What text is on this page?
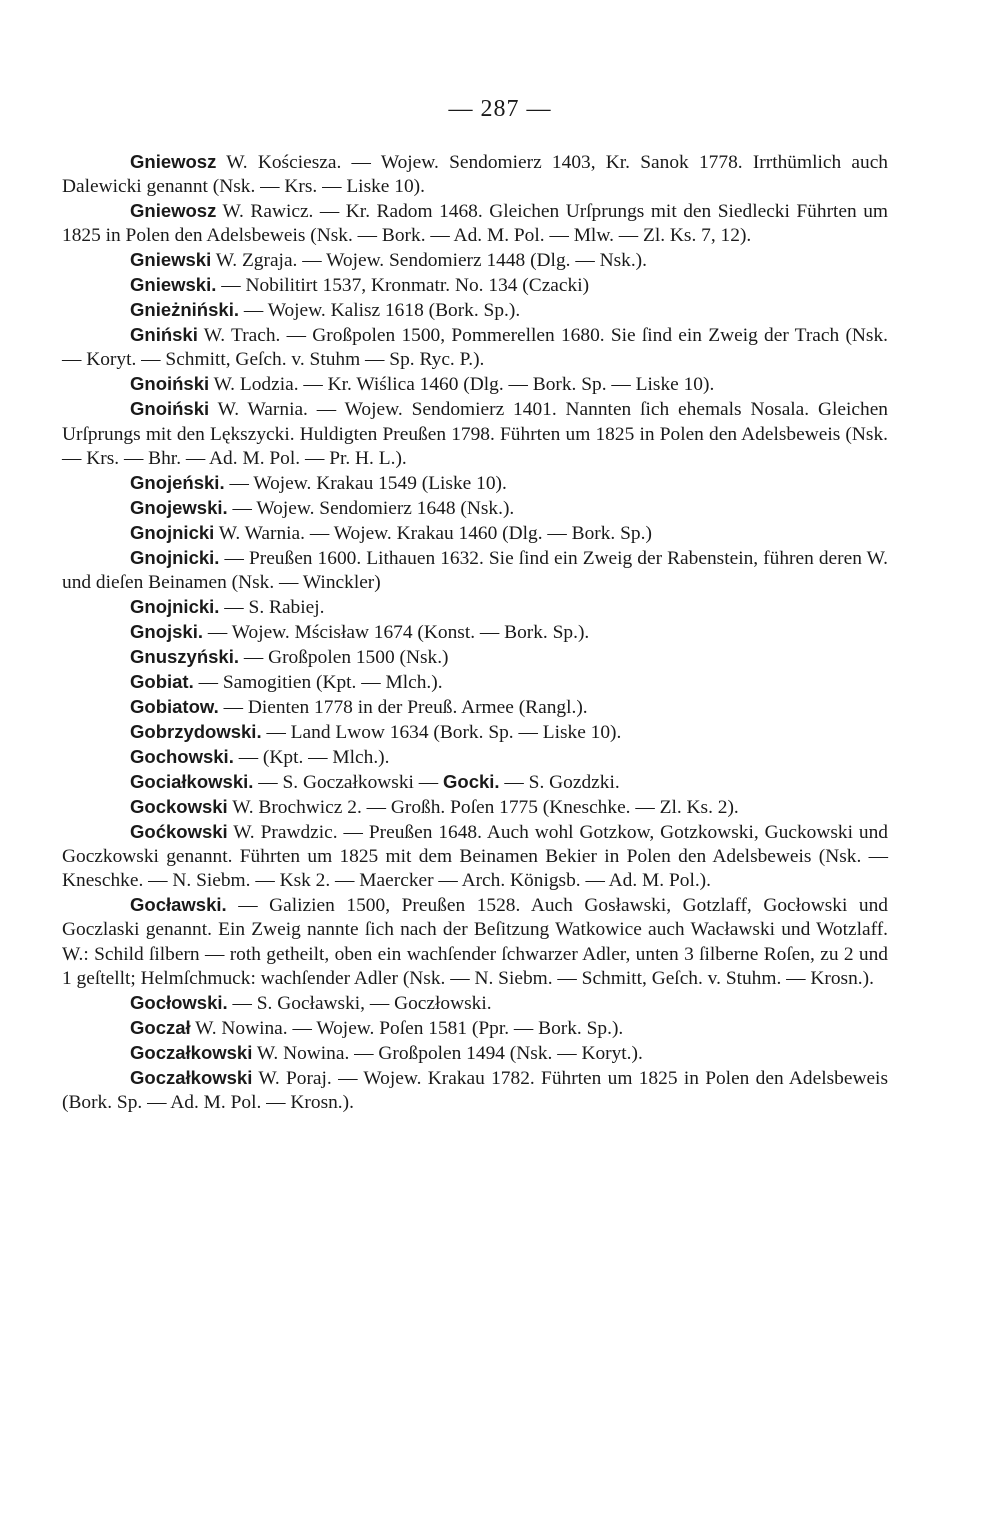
— 287 —

Gniewosz W. Kościesza. — Wojew. Sendomierz 1403, Kr. Sanok 1778. Irrthümlich auch Dalewicki genannt (Nsk. — Krs. — Liske 10).

Gniewosz W. Rawicz. — Kr. Radom 1468. Gleichen Urſprungs mit den Siedlecki Führten um 1825 in Polen den Adelsbeweis (Nsk. — Bork. — Ad. M. Pol. — Mlw. — Zl. Ks. 7, 12).

Gniewski W. Zgraja. — Wojew. Sendomierz 1448 (Dlg. — Nsk.).

Gniewski. — Nobilitirt 1537, Kronmatr. No. 134 (Czacki)

Gnieżniński. — Wojew. Kalisz 1618 (Bork. Sp.).

Gniński W. Trach. — Großpolen 1500, Pommerellen 1680. Sie ſind ein Zweig der Trach (Nsk. — Koryt. — Schmitt, Geſch. v. Stuhm — Sp. Ryc. P.).

Gnoiński W. Lodzia. — Kr. Wiślica 1460 (Dlg. — Bork. Sp. — Liske 10).

Gnoiński W. Warnia. — Wojew. Sendomierz 1401. Nannten ſich ehemals Nosala. Gleichen Urſprungs mit den Lększycki. Huldigten Preußen 1798. Führten um 1825 in Polen den Adelsbeweis (Nsk. — Krs. — Bhr. — Ad. M. Pol. — Pr. H. L.).

Gnojeński. — Wojew. Krakau 1549 (Liske 10).

Gnojewski. — Wojew. Sendomierz 1648 (Nsk.).

Gnojnicki W. Warnia. — Wojew. Krakau 1460 (Dlg. — Bork. Sp.)

Gnojnicki. — Preußen 1600. Lithauen 1632. Sie ſind ein Zweig der Rabenstein, führen deren W. und dieſen Beinamen (Nsk. — Winckler)

Gnojnicki. — S. Rabiej.

Gnojski. — Wojew. Mścisław 1674 (Konst. — Bork. Sp.).

Gnuszyński. — Großpolen 1500 (Nsk.)

Gobiat. — Samogitien (Kpt. — Mlch.).

Gobiatow. — Dienten 1778 in der Preuß. Armee (Rangl.).

Gobrzydowski. — Land Lwow 1634 (Bork. Sp. — Liske 10).

Gochowski. — (Kpt. — Mlch.).

Gociałkowski. — S. Goczałkowski — Gocki. — S. Gozdzki.

Gockowski W. Brochwicz 2. — Großh. Poſen 1775 (Kneschke. — Zl. Ks. 2).

Goćkowski W. Prawdzic. — Preußen 1648. Auch wohl Gotzkow, Gotzkowski, Guckowski und Goczkowski genannt. Führten um 1825 mit dem Beinamen Bekier in Polen den Adelsbeweis (Nsk. — Kneschke. — N. Siebm. — Ksk 2. — Maercker — Arch. Königsb. — Ad. M. Pol.).

Gocławski. — Galizien 1500, Preußen 1528. Auch Gosławski, Gotzlaff, Gocłowski und Goczlaski genannt. Ein Zweig nannte ſich nach der Beſitzung Watkowice auch Wacławski und Wotzlaff. W.: Schild ſilbern — roth getheilt, oben ein wachſender ſchwarzer Adler, unten 3 ſilberne Roſen, zu 2 und 1 geſtellt; Helmſchmuck: wachſender Adler (Nsk. — N. Siebm. — Schmitt, Geſch. v. Stuhm. — Krosn.).

Gocłowski. — S. Gocławski, — Goczłowski.

Goczał W. Nowina. — Wojew. Poſen 1581 (Ppr. — Bork. Sp.).

Goczałkowski W. Nowina. — Großpolen 1494 (Nsk. — Koryt.).

Goczałkowski W. Poraj. — Wojew. Krakau 1782. Führten um 1825 in Polen den Adelsbeweis (Bork. Sp. — Ad. M. Pol. — Krosn.).
